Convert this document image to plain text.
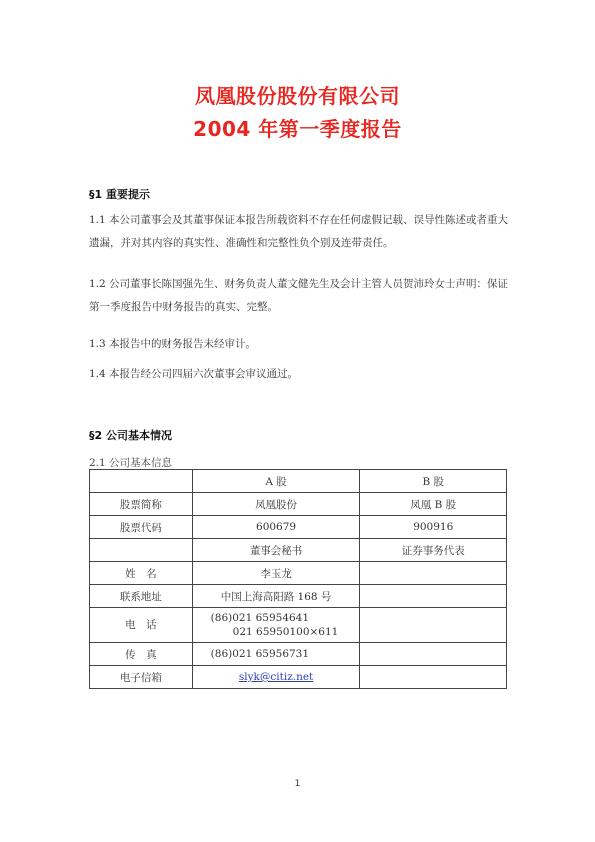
凤凰股份股份有限公司
2004 年第一季度报告
§1 重要提示
1.1 本公司董事会及其董事保证本报告所载资料不存在任何虚假记载、误导性陈述或者重大遗漏，并对其内容的真实性、准确性和完整性负个别及连带责任。
1.2 公司董事长陈国强先生、财务负责人董文健先生及会计主管人员贺沛玲女士声明：保证第一季度报告中财务报告的真实、完整。
1.3 本报告中的财务报告未经审计。
1.4 本报告经公司四届六次董事会审议通过。
§2 公司基本情况
2.1 公司基本信息
	A 股	B 股
股票简称	凤凰股份	凤凰 B 股
股票代码	600679	900916
	董事会秘书	证券事务代表
姓　名	李玉龙	
联系地址	中国上海高阳路 168 号	
电　话	(86)021 65954641
021 65950100×611	

传　真	(86)021 65956731	
电子信箱	slyk@citiz.net	
1
